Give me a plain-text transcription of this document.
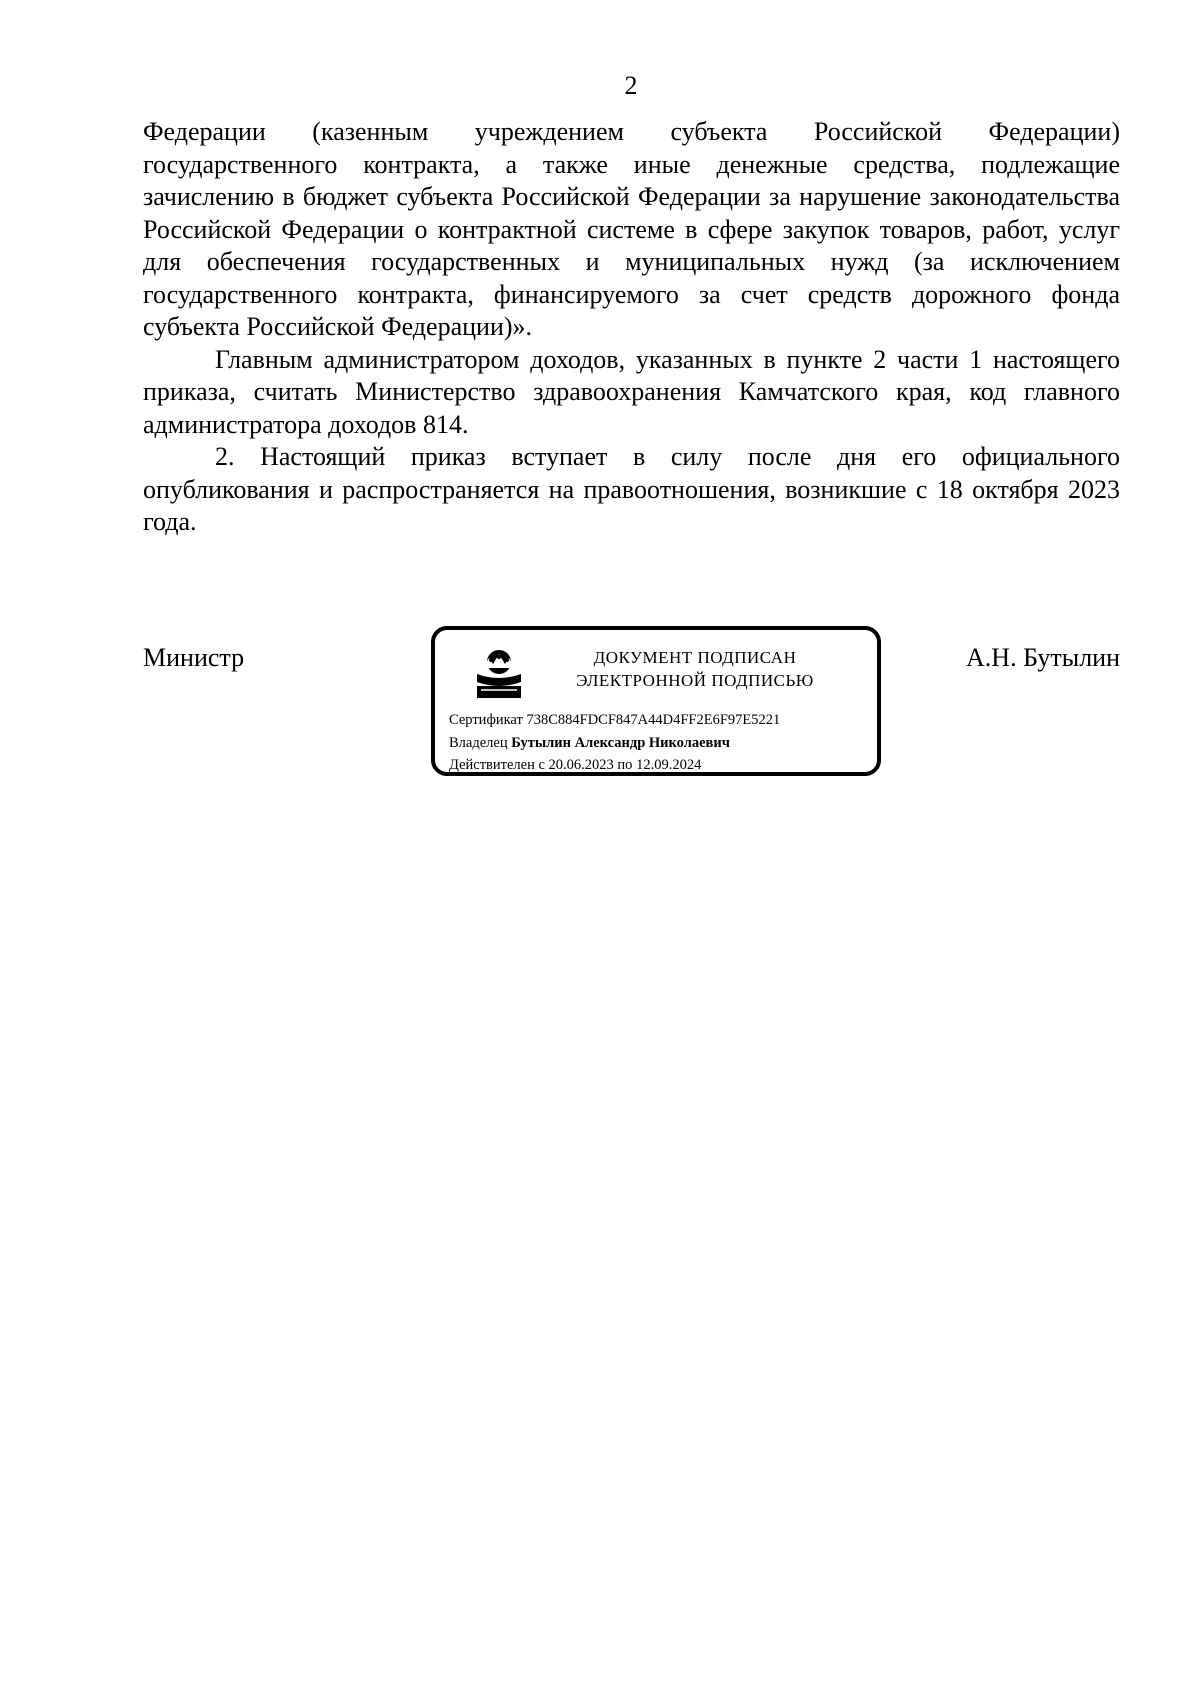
2

Федерации (казенным учреждением субъекта Российской Федерации) государственного контракта, а также иные денежные средства, подлежащие зачислению в бюджет субъекта Российской Федерации за нарушение законодательства Российской Федерации о контрактной системе в сфере закупок товаров, работ, услуг для обеспечения государственных и муниципальных нужд (за исключением государственного контракта, финансируемого за счет средств дорожного фонда субъекта Российской Федерации)».

Главным администратором доходов, указанных в пункте 2 части 1 настоящего приказа, считать Министерство здравоохранения Камчатского края, код главного администратора доходов 814.

2. Настоящий приказ вступает в силу после дня его официального опубликования и распространяется на правоотношения, возникшие с 18 октября 2023 года.

Министр	ДОКУМЕНТ ПОДПИСАН
ЭЛЕКТРОННОЙ ПОДПИСЬЮ
Сертификат 738C884FDCF847A44D4FF2E6F97E5221
Владелец Бутылин Александр Николаевич
Действителен с 20.06.2023 по 12.09.2024
А.Н. Бутылин
